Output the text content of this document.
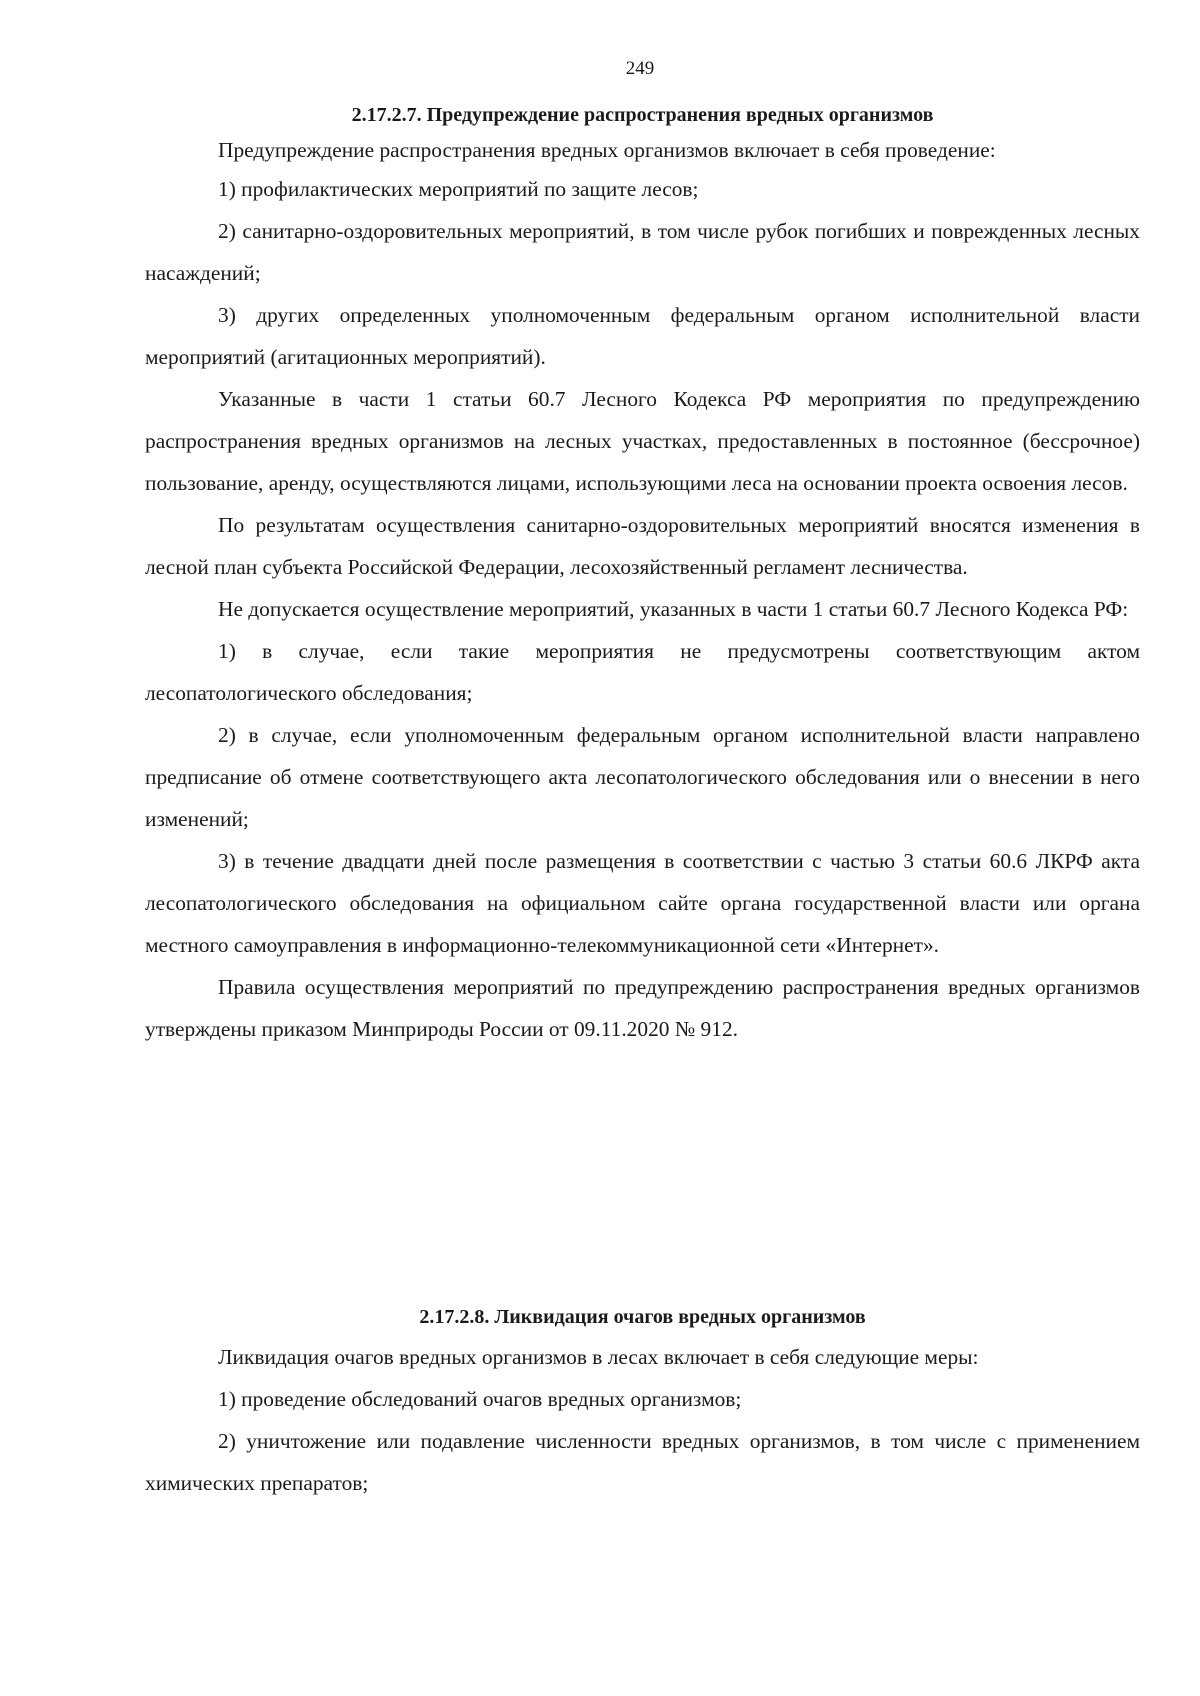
249
2.17.2.7. Предупреждение распространения вредных организмов

Предупреждение распространения вредных организмов включает в себя проведение:

1) профилактических мероприятий по защите лесов;

2) санитарно-оздоровительных мероприятий, в том числе рубок погибших и поврежденных лесных насаждений;

3) других определенных уполномоченным федеральным органом исполнительной власти мероприятий (агитационных мероприятий).

Указанные в части 1 статьи 60.7 Лесного Кодекса РФ мероприятия по предупреждению распространения вредных организмов на лесных участках, предоставленных в постоянное (бессрочное) пользование, аренду, осуществляются лицами, использующими леса на основании проекта освоения лесов.

По результатам осуществления санитарно-оздоровительных мероприятий вносятся изменения в лесной план субъекта Российской Федерации, лесохозяйственный регламент лесничества.

Не допускается осуществление мероприятий, указанных в части 1 статьи 60.7 Лесного Кодекса РФ:

1) в случае, если такие мероприятия не предусмотрены соответствующим актом лесопатологического обследования;

2) в случае, если уполномоченным федеральным органом исполнительной власти направлено предписание об отмене соответствующего акта лесопатологического обследования или о внесении в него изменений;

3) в течение двадцати дней после размещения в соответствии с частью 3 статьи 60.6 ЛКРФ акта лесопатологического обследования на официальном сайте органа государственной власти или органа местного самоуправления в информационно-телекоммуникационной сети «Интернет».

Правила осуществления мероприятий по предупреждению распространения вредных организмов утверждены приказом Минприроды России от 09.11.2020 № 912.

2.17.2.8. Ликвидация очагов вредных организмов

Ликвидация очагов вредных организмов в лесах включает в себя следующие меры:

1) проведение обследований очагов вредных организмов;

2) уничтожение или подавление численности вредных организмов, в том числе с применением химических препаратов;
